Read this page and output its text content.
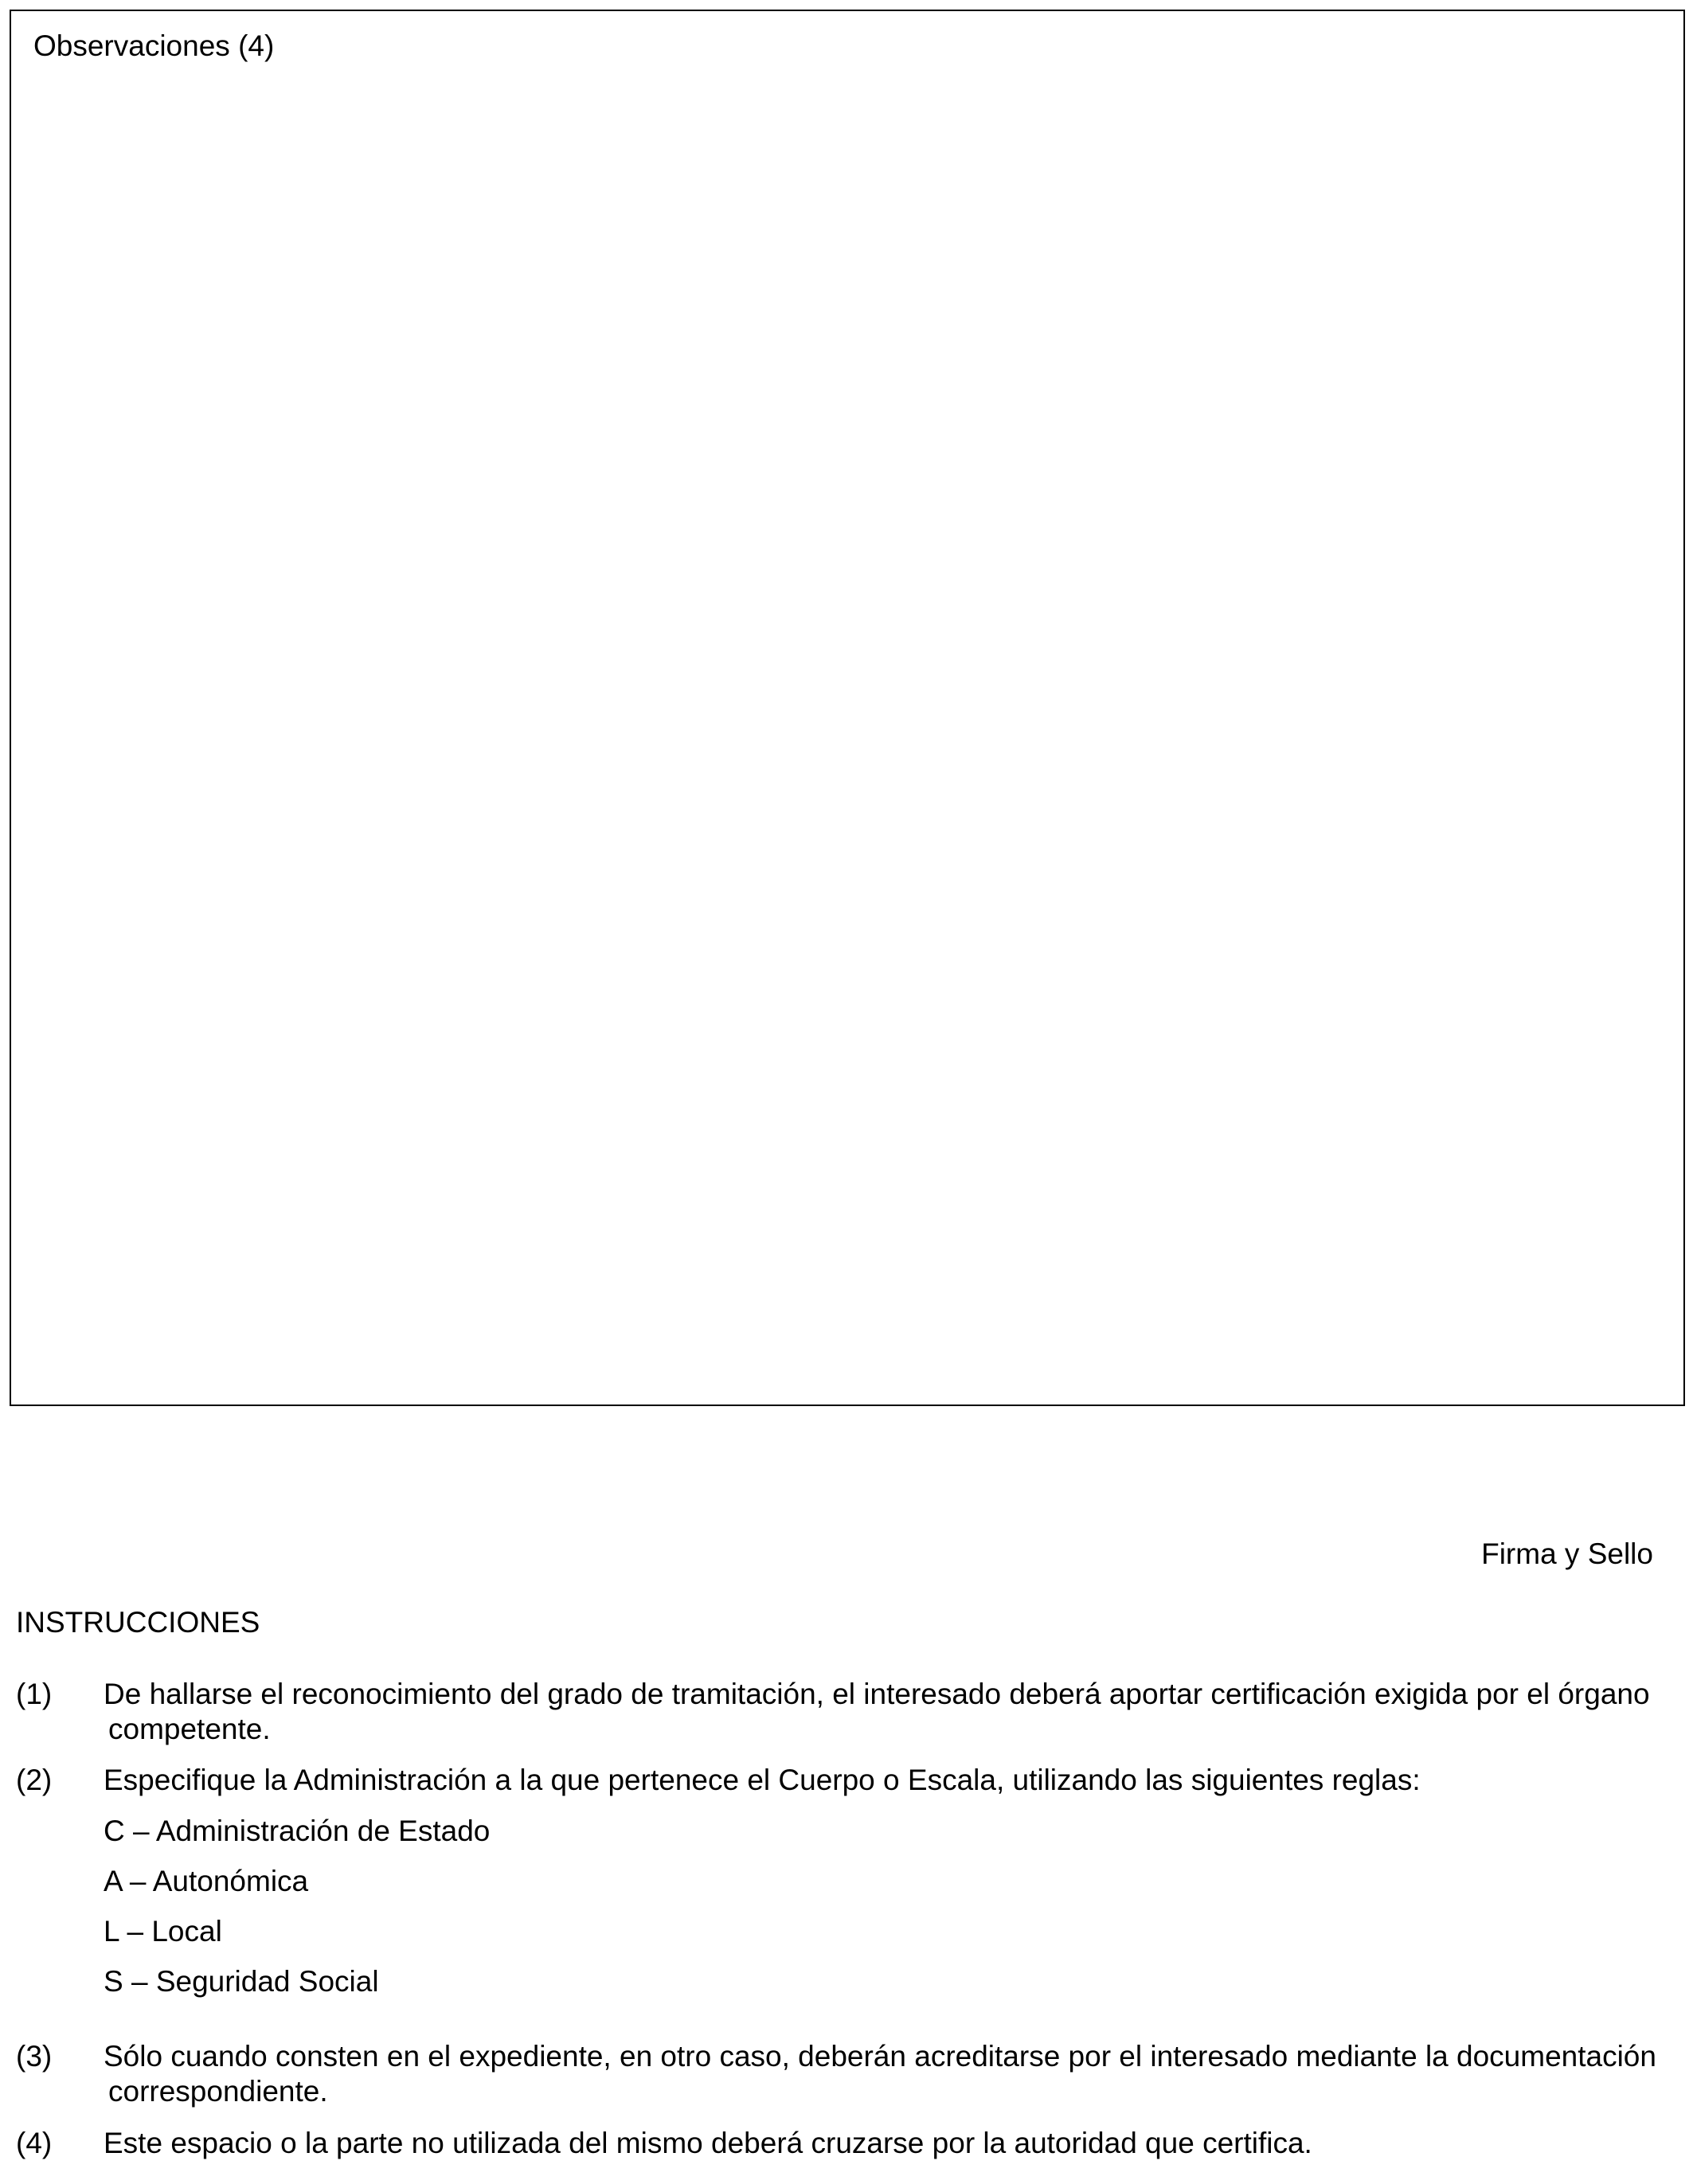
Observaciones (4)
Firma y Sello
INSTRUCCIONES
(1) De hallarse el reconocimiento del grado de tramitación, el interesado deberá aportar certificación exigida por el órgano
competente.
(2) Especifique la Administración a la que pertenece el Cuerpo o Escala, utilizando las siguientes reglas:
C – Administración de Estado
A – Autonómica
L – Local
S – Seguridad Social
(3) Sólo cuando consten en el expediente, en otro caso, deberán acreditarse por el interesado mediante la documentación
correspondiente.
(4) Este espacio o la parte no utilizada del mismo deberá cruzarse por la autoridad que certifica.
